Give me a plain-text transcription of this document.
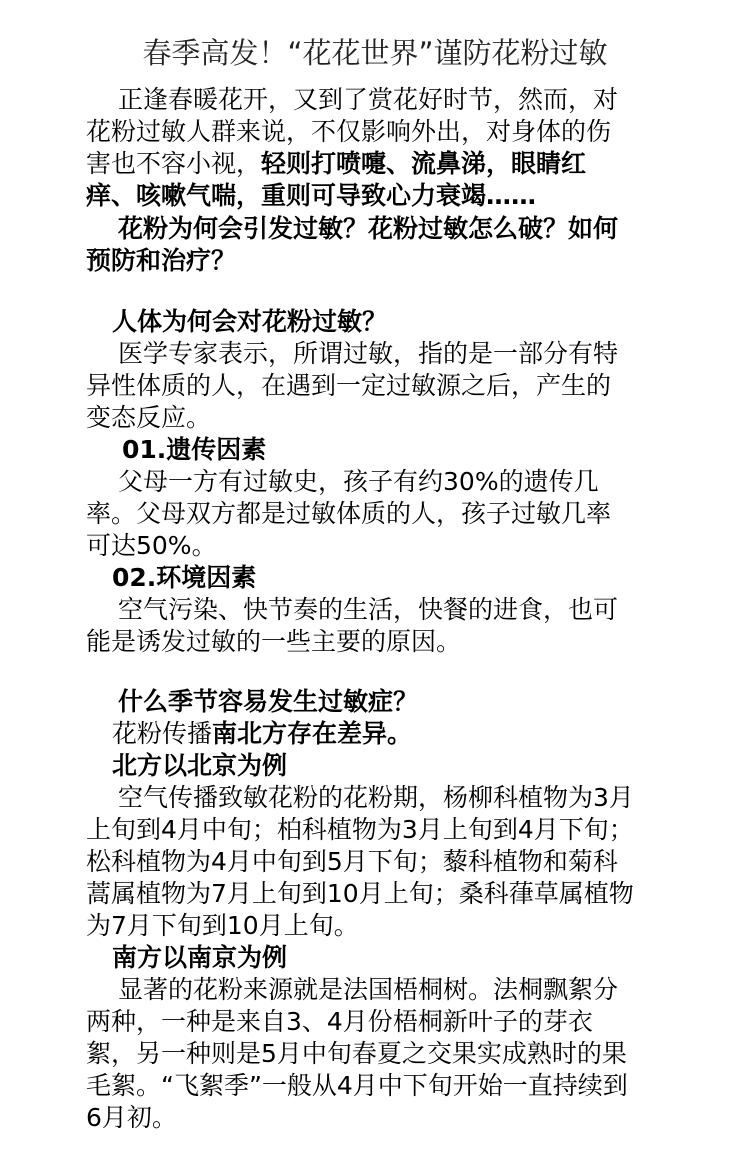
春季高发！“花花世界”谨防花粉过敏
正逢春暖花开，又到了赏花好时节，然而，对
花粉过敏人群来说，不仅影响外出，对身体的伤
害也不容小视，轻则打喷嚏、流鼻涕，眼睛红
痒、咳嗽气喘，重则可导致心力衰竭……
花粉为何会引发过敏？花粉过敏怎么破？如何
预防和治疗？
人体为何会对花粉过敏？
医学专家表示，所谓过敏，指的是一部分有特
异性体质的人，在遇到一定过敏源之后，产生的
变态反应。
01.遗传因素
父母一方有过敏史，孩子有约30%的遗传几
率。父母双方都是过敏体质的人，孩子过敏几率
可达50%。
02.环境因素
空气污染、快节奏的生活，快餐的进食，也可
能是诱发过敏的一些主要的原因。
什么季节容易发生过敏症？
花粉传播南北方存在差异。
北方以北京为例
空气传播致敏花粉的花粉期，杨柳科植物为3月
上旬到4月中旬；柏科植物为3月上旬到4月下旬；
松科植物为4月中旬到5月下旬；藜科植物和菊科
蒿属植物为7月上旬到10月上旬；桑科葎草属植物
为7月下旬到10月上旬。
南方以南京为例
显著的花粉来源就是法国梧桐树。法桐飘絮分
两种，一种是来自3、4月份梧桐新叶子的芽衣
絮，另一种则是5月中旬春夏之交果实成熟时的果
毛絮。“飞絮季”一般从4月中下旬开始一直持续到
6月初。
